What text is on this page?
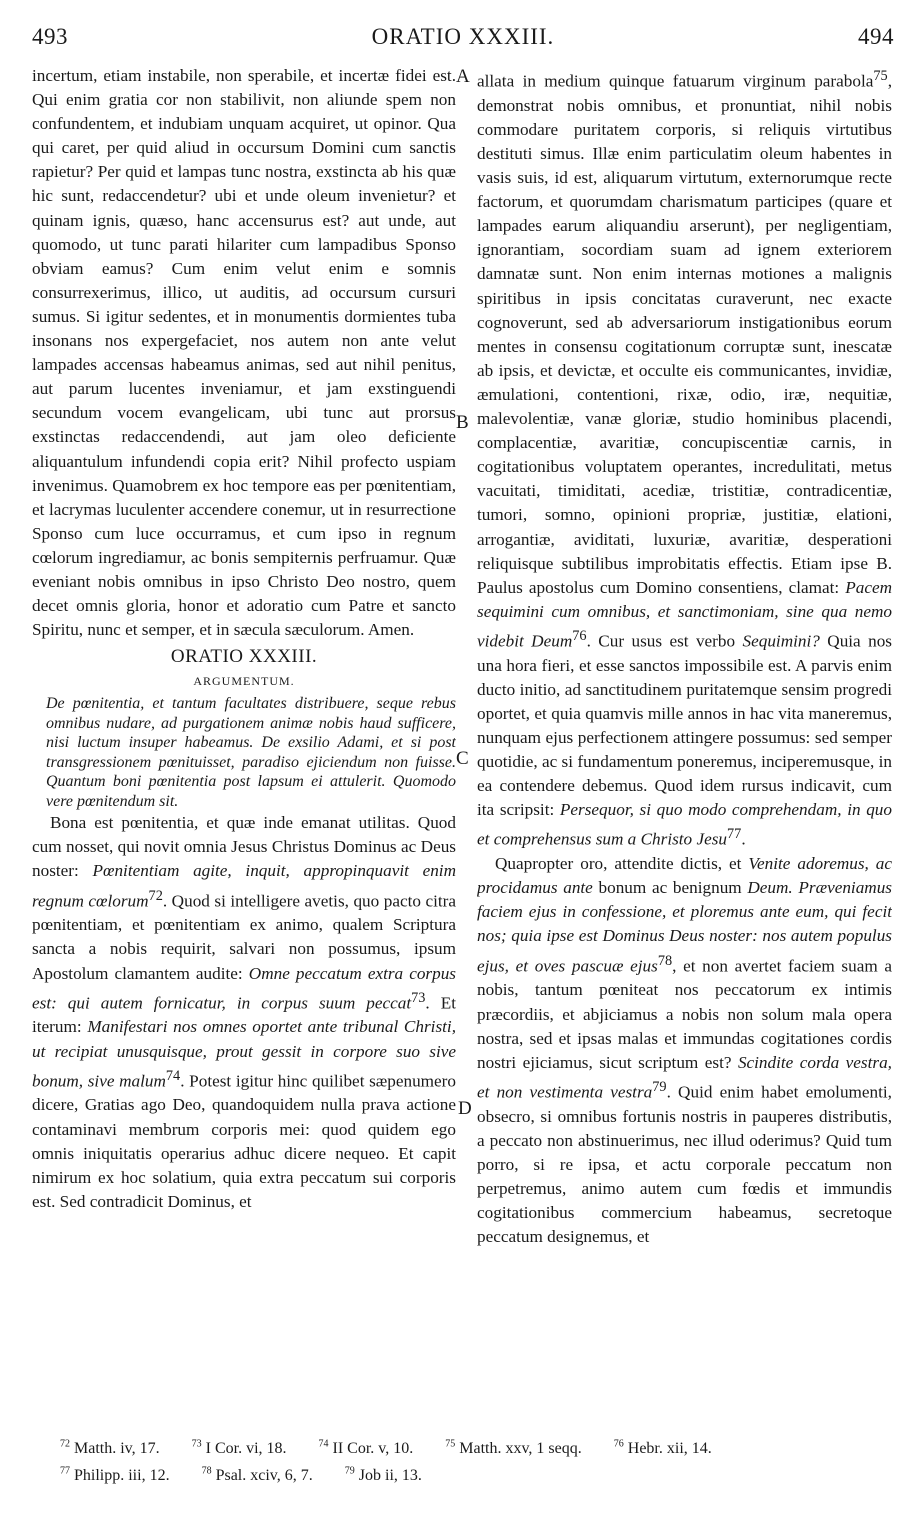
493	ORATIO XXXIII.	494
A
B
C
D

incertum, etiam instabile, non sperabile, et incertæ fidei est. Qui enim gratia cor non stabilivit, non aliunde spem non confundentem, et indubiam unquam acquiret, ut opinor. Qua qui caret, per quid aliud in occursum Domini cum sanctis rapietur? Per quid et lampas tunc nostra, exstincta ab his quæ hic sunt, redaccendetur? ubi et unde oleum invenietur? et quinam ignis, quæso, hanc accensurus est? aut unde, aut quomodo, ut tunc parati hilariter cum lampadibus Sponso obviam eamus? Cum enim velut enim e somnis consurrexerimus, illico, ut auditis, ad occursum cursuri sumus. Si igitur sedentes, et in monumentis dormientes tuba insonans nos expergefaciet, nos autem non ante velut lampades accensas habeamus animas, sed aut nihil penitus, aut parum lucentes inveniamur, et jam exstinguendi secundum vocem evangelicam, ubi tunc aut prorsus exstinctas redaccendendi, aut jam oleo deficiente aliquantulum infundendi copia erit? Nihil profecto uspiam invenimus. Quamobrem ex hoc tempore eas per pœnitentiam, et lacrymas luculenter accendere conemur, ut in resurrectione Sponso cum luce occurramus, et cum ipso in regnum cœlorum ingrediamur, ac bonis sempiternis perfruamur. Quæ eveniant nobis omnibus in ipso Christo Deo nostro, quem decet omnis gloria, honor et adoratio cum Patre et sancto Spiritu, nunc et semper, et in sæcula sæculorum. Amen.

ORATIO XXXIII.
ARGUMENTUM.

De pœnitentia, et tantum facultates distribuere, seque rebus omnibus nudare, ad purgationem animæ nobis haud sufficere, nisi luctum insuper habeamus. De exsilio Adami, et si post transgressionem pœnituisset, paradiso ejiciendum non fuisse. Quantum boni pœnitentia post lapsum ei attulerit. Quomodo vere pœnitendum sit.

Bona est pœnitentia, et quæ inde emanat utilitas. Quod cum nosset, qui novit omnia Jesus Christus Dominus ac Deus noster: Pœnitentiam agite, inquit, appropinquavit enim regnum cœlorum$^{72}$. Quod si intelligere avetis, quo pacto citra pœnitentiam, et pœnitentiam ex animo, qualem Scriptura sancta a nobis requirit, salvari non possumus, ipsum Apostolum clamantem audite: Omne peccatum extra corpus est: qui autem fornicatur, in corpus suum peccat$^{73}$. Et iterum: Manifestari nos omnes oportet ante tribunal Christi, ut recipiat unusquisque, prout gessit in corpore suo sive bonum, sive malum$^{74}$. Potest igitur hinc quilibet sæpenumero dicere, Gratias ago Deo, quandoquidem nulla prava actione contaminavi membrum corporis mei: quod quidem ego omnis iniquitatis operarius adhuc dicere nequeo. Et capit nimirum ex hoc solatium, quia extra peccatum sui corporis est. Sed contradicit Dominus, et

allata in medium quinque fatuarum virginum parabola$^{75}$, demonstrat nobis omnibus, et pronuntiat, nihil nobis commodare puritatem corporis, si reliquis virtutibus destituti simus. Illæ enim particulatim oleum habentes in vasis suis, id est, aliquarum virtutum, externorumque recte factorum, et quorumdam charismatum participes (quare et lampades earum aliquandiu arserunt), per negligentiam, ignorantiam, socordiam suam ad ignem exteriorem damnatæ sunt. Non enim internas motiones a malignis spiritibus in ipsis concitatas curaverunt, nec exacte cognoverunt, sed ab adversariorum instigationibus eorum mentes in consensu cogitationum corruptæ sunt, inescatæ ab ipsis, et devictæ, et occulte eis communicantes, invidiæ, æmulationi, contentioni, rixæ, odio, iræ, nequitiæ, malevolentiæ, vanæ gloriæ, studio hominibus placendi, complacentiæ, avaritiæ, concupiscentiæ carnis, in cogitationibus voluptatem operantes, incredulitati, metus vacuitati, timiditati, acediæ, tristitiæ, contradicentiæ, tumori, somno, opinioni propriæ, justitiæ, elationi, arrogantiæ, aviditati, luxuriæ, avaritiæ, desperationi reliquisque subtilibus improbitatis effectis. Etiam ipse B. Paulus apostolus cum Domino consentiens, clamat: Pacem sequimini cum omnibus, et sanctimoniam, sine qua nemo videbit Deum$^{76}$. Cur usus est verbo Sequimini? Quia nos una hora fieri, et esse sanctos impossibile est. A parvis enim ducto initio, ad sanctitudinem puritatemque sensim progredi oportet, et quia quamvis mille annos in hac vita maneremus, nunquam ejus perfectionem attingere possumus: sed semper quotidie, ac si fundamentum poneremus, inciperemusque, in ea contendere debemus. Quod idem rursus indicavit, cum ita scripsit: Persequor, si quo modo comprehendam, in quo et comprehensus sum a Christo Jesu$^{77}$.

Quapropter oro, attendite dictis, et Venite adoremus, ac procidamus ante bonum ac benignum Deum. Præveniamus faciem ejus in confessione, et ploremus ante eum, qui fecit nos; quia ipse est Dominus Deus noster: nos autem populus ejus, et oves pascuæ ejus$^{78}$, et non avertet faciem suam a nobis, tantum pœniteat nos peccatorum ex intimis præcordiis, et abjiciamus a nobis non solum mala opera nostra, sed et ipsas malas et immundas cogitationes cordis nostri ejiciamus, sicut scriptum est? Scindite corda vestra, et non vestimenta vestra$^{79}$. Quid enim habet emolumenti, obsecro, si omnibus fortunis nostris in pauperes distributis, a peccato non abstinuerimus, nec illud oderimus? Quid tum porro, si re ipsa, et actu corporale peccatum non perpetremus, animo autem cum fœdis et immundis cogitationibus commercium habeamus, secretoque peccatum designemus, et

$^{72}$ Matth. iv, 17.	$^{73}$ I Cor. vi, 18.	$^{74}$ II Cor. v, 10.	$^{75}$ Matth. xxv, 1 seqq.	$^{76}$ Hebr. xii, 14.
$^{77}$ Philipp. iii, 12.	$^{78}$ Psal. xciv, 6, 7.	$^{79}$ Job ii, 13.
